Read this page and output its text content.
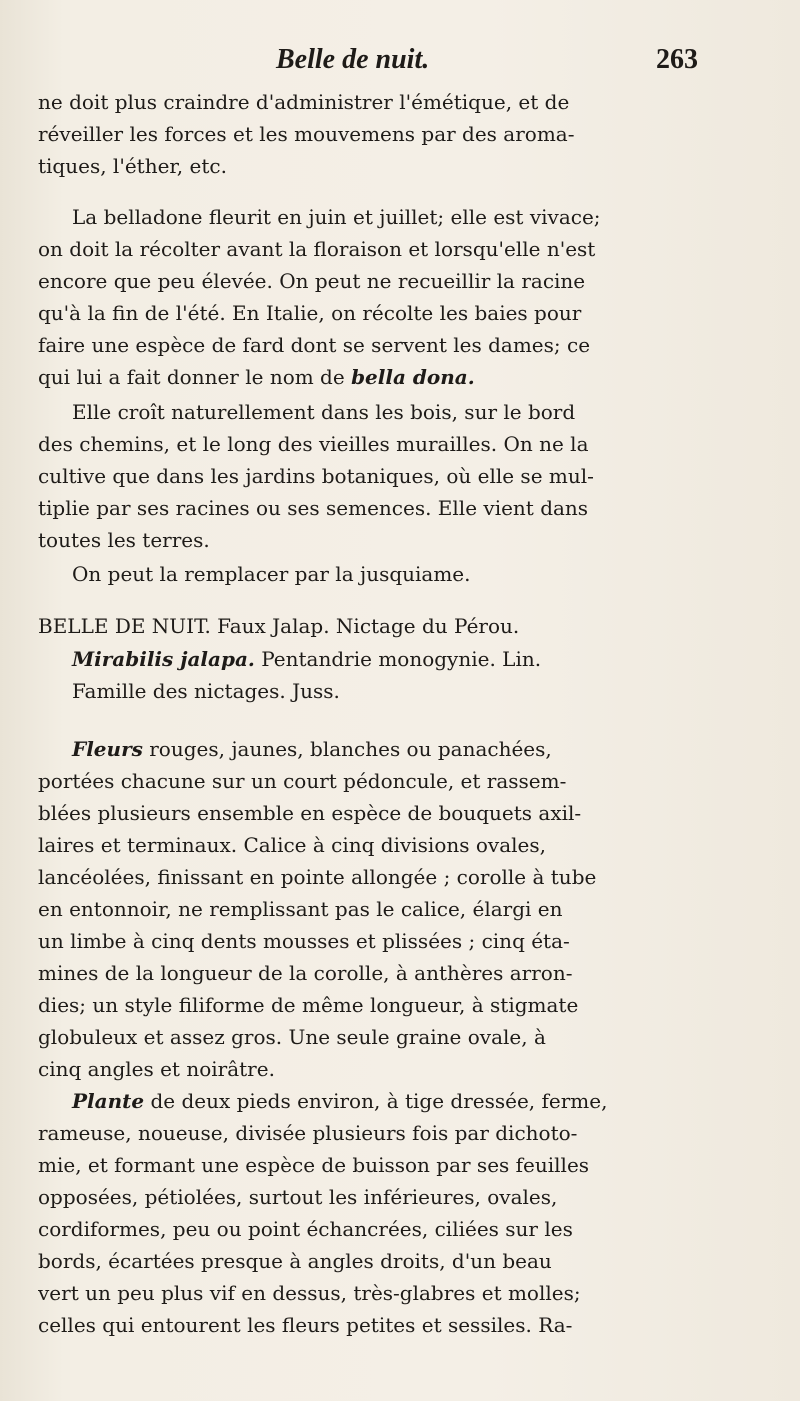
Belle de nuit.	263
ne doit plus craindre d'administrer l'émétique, et de
réveiller les forces et les mouvemens par des aroma-
tiques, l'éther, etc.
La belladone fleurit en juin et juillet; elle est vivace;
on doit la récolter avant la floraison et lorsqu'elle n'est
encore que peu élevée. On peut ne recueillir la racine
qu'à la fin de l'été. En Italie, on récolte les baies pour
faire une espèce de fard dont se servent les dames; ce
qui lui a fait donner le nom de bella dona.
Elle croît naturellement dans les bois, sur le bord
des chemins, et le long des vieilles murailles. On ne la
cultive que dans les jardins botaniques, où elle se mul-
tiplie par ses racines ou ses semences. Elle vient dans
toutes les terres.
On peut la remplacer par la jusquiame.
BELLE DE NUIT. Faux Jalap. Nictage du Pérou.
Mirabilis jalapa. Pentandrie monogynie. Lin.
Famille des nictages. Juss.
Fleurs rouges, jaunes, blanches ou panachées,
portées chacune sur un court pédoncule, et rassem-
blées plusieurs ensemble en espèce de bouquets axil-
laires et terminaux. Calice à cinq divisions ovales,
lancéolées, finissant en pointe allongée ; corolle à tube
en entonnoir, ne remplissant pas le calice, élargi en
un limbe à cinq dents mousses et plissées ; cinq éta-
mines de la longueur de la corolle, à anthères arron-
dies; un style filiforme de même longueur, à stigmate
globuleux et assez gros. Une seule graine ovale, à
cinq angles et noirâtre.
Plante de deux pieds environ, à tige dressée, ferme,
rameuse, noueuse, divisée plusieurs fois par dichoto-
mie, et formant une espèce de buisson par ses feuilles
opposées, pétiolées, surtout les inférieures, ovales,
cordiformes, peu ou point échancrées, ciliées sur les
bords, écartées presque à angles droits, d'un beau
vert un peu plus vif en dessus, très-glabres et molles;
celles qui entourent les fleurs petites et sessiles. Ra-
